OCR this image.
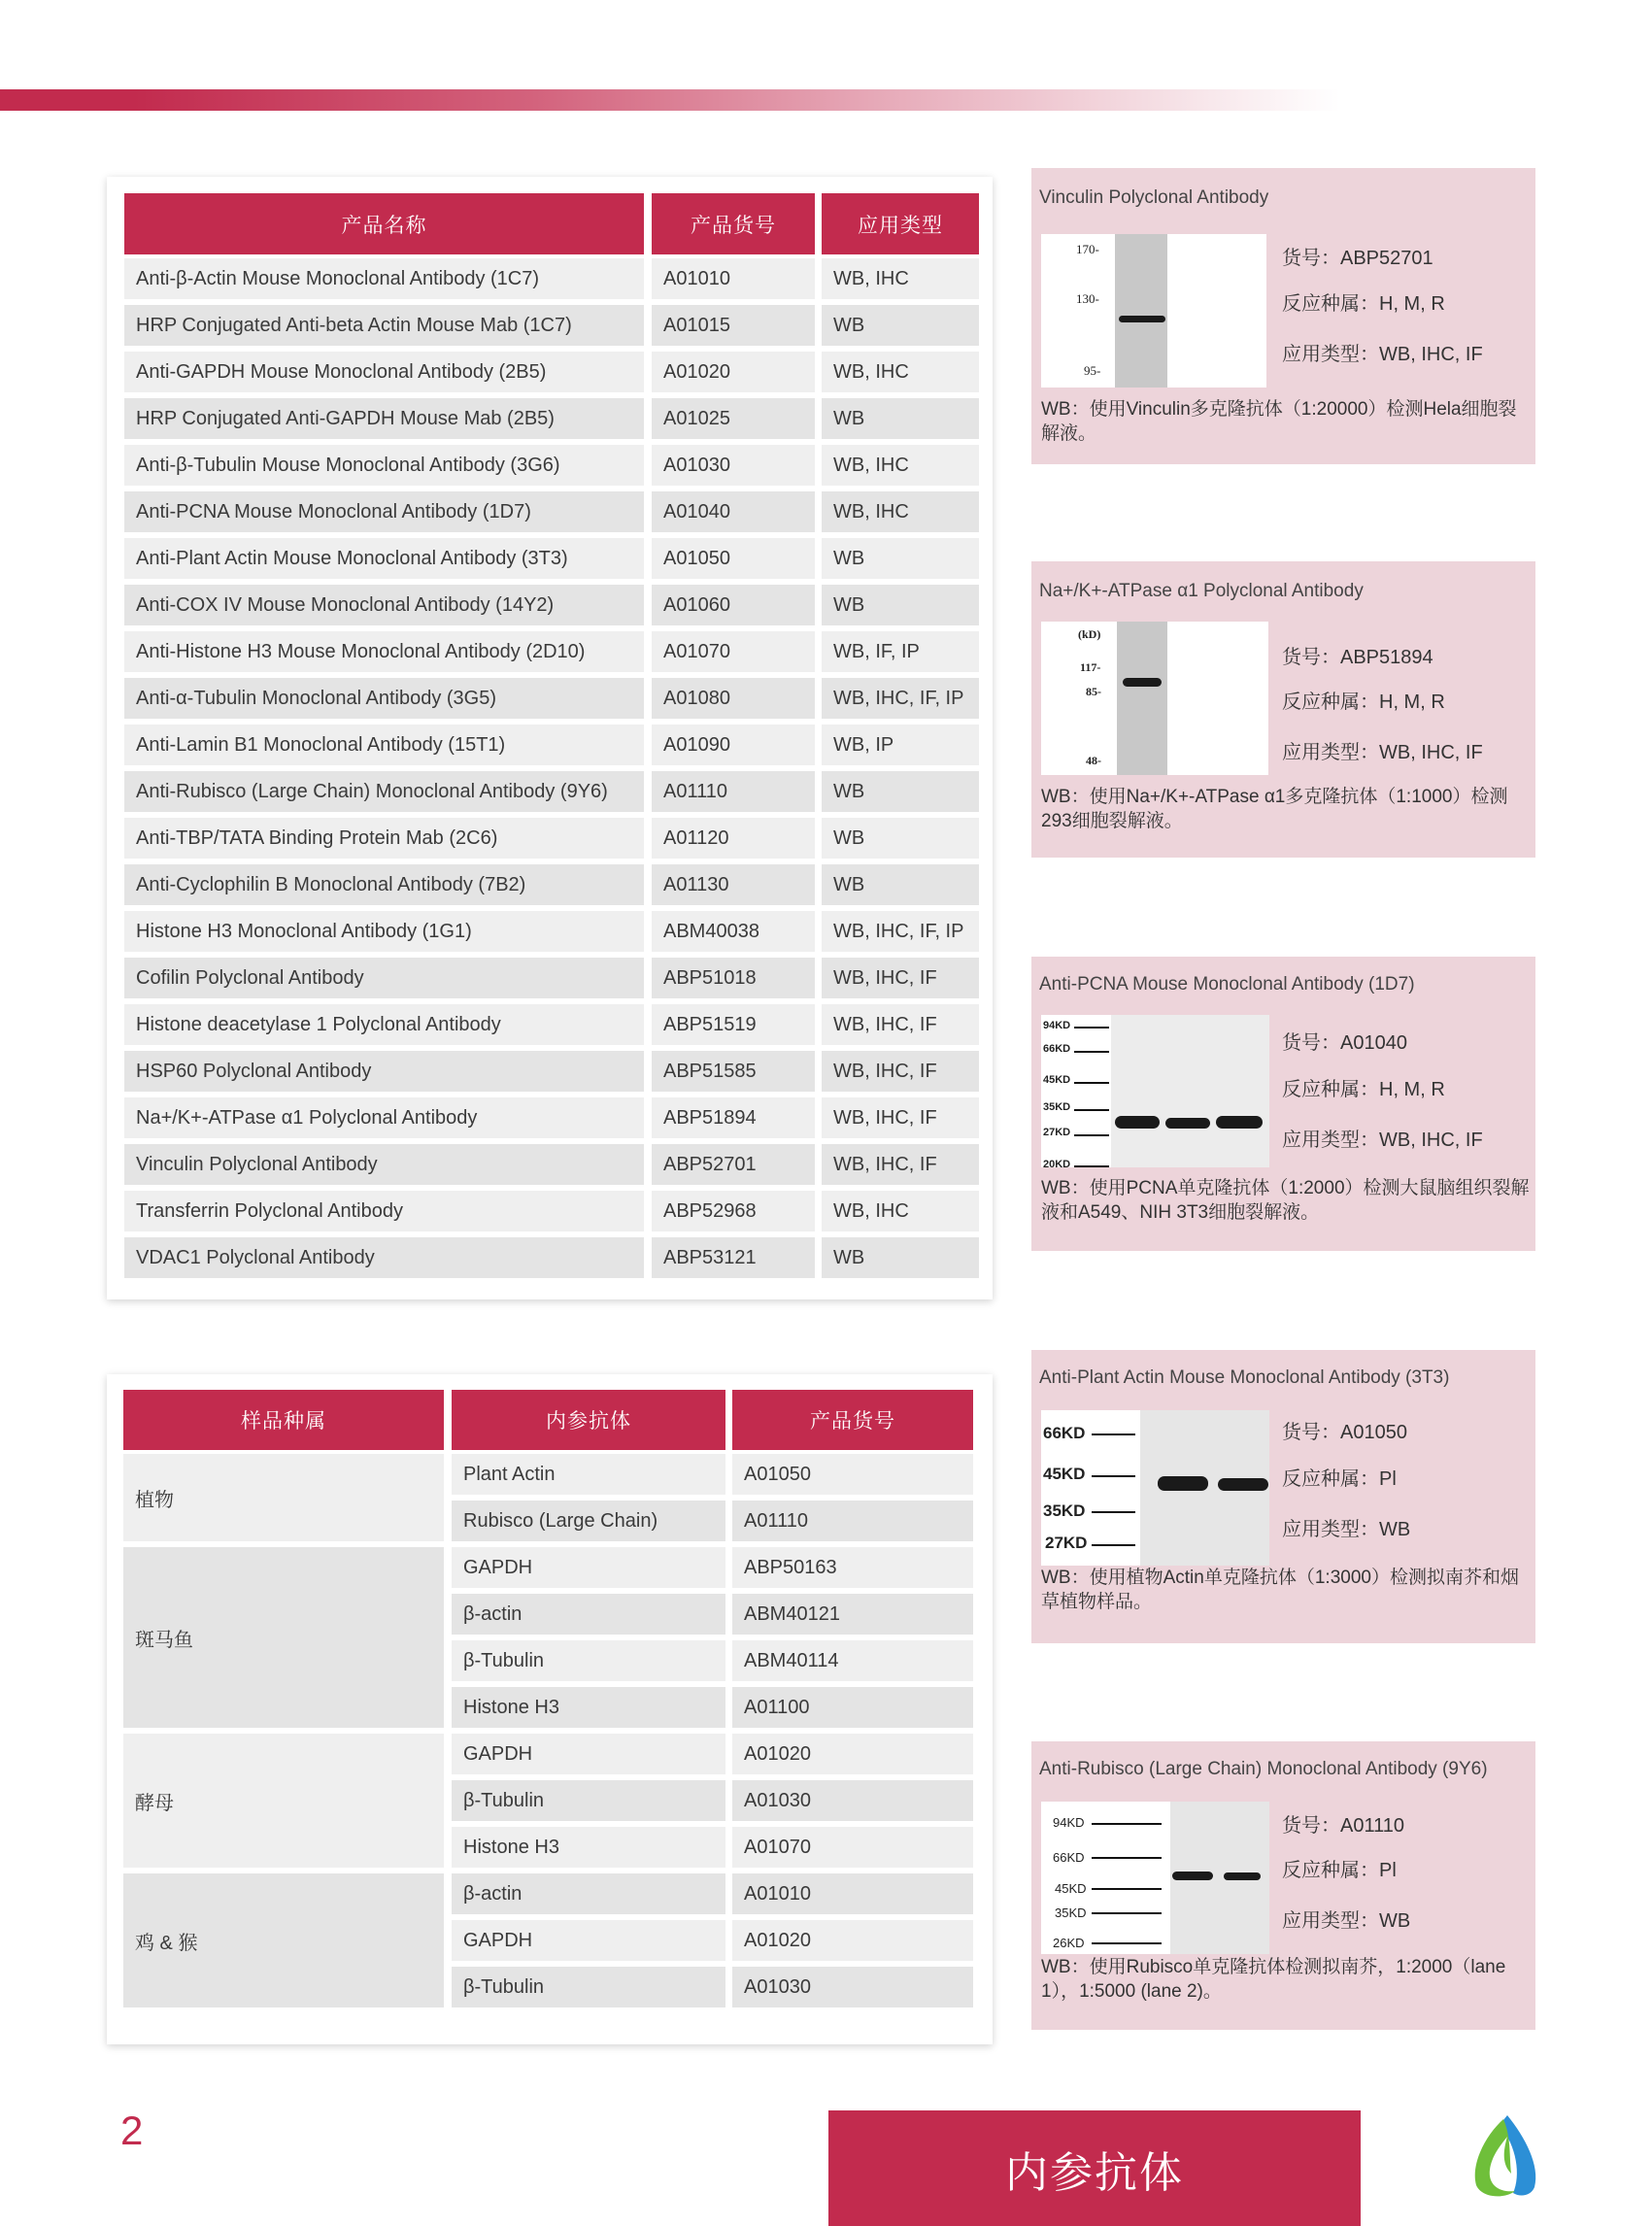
产品名称	产品货号	应用类型
Anti-β-Actin Mouse Monoclonal Antibody (1C7)	A01010	WB, IHC
HRP Conjugated Anti-beta Actin Mouse Mab (1C7)	A01015	WB
Anti-GAPDH Mouse Monoclonal Antibody (2B5)	A01020	WB, IHC
HRP Conjugated Anti-GAPDH Mouse Mab (2B5)	A01025	WB
Anti-β-Tubulin Mouse Monoclonal Antibody (3G6)	A01030	WB, IHC
Anti-PCNA Mouse Monoclonal Antibody (1D7)	A01040	WB, IHC
Anti-Plant Actin Mouse Monoclonal Antibody (3T3)	A01050	WB
Anti-COX IV Mouse Monoclonal Antibody (14Y2)	A01060	WB
Anti-Histone H3 Mouse Monoclonal Antibody (2D10)	A01070	WB, IF, IP
Anti-α-Tubulin Monoclonal Antibody (3G5)	A01080	WB, IHC, IF, IP
Anti-Lamin B1 Monoclonal Antibody (15T1)	A01090	WB, IP
Anti-Rubisco (Large Chain) Monoclonal Antibody (9Y6)	A01110	WB
Anti-TBP/TATA Binding Protein Mab (2C6)	A01120	WB
Anti-Cyclophilin B Monoclonal Antibody (7B2)	A01130	WB
Histone H3 Monoclonal Antibody (1G1)	ABM40038	WB, IHC, IF, IP
Cofilin Polyclonal Antibody	ABP51018	WB, IHC, IF
Histone deacetylase 1 Polyclonal Antibody	ABP51519	WB, IHC, IF
HSP60 Polyclonal Antibody	ABP51585	WB, IHC, IF
Na+/K+-ATPase α1 Polyclonal Antibody	ABP51894	WB, IHC, IF
Vinculin Polyclonal Antibody	ABP52701	WB, IHC, IF
Transferrin Polyclonal Antibody	ABP52968	WB, IHC
VDAC1 Polyclonal Antibody	ABP53121	WB
样品种属	内参抗体	产品货号
植物
Plant Actin	A01050
Rubisco (Large Chain)	A01110
斑马鱼
GAPDH	ABP50163
β-actin	ABM40121
β-Tubulin	ABM40114
Histone H3	A01100
酵母
GAPDH	A01020
β-Tubulin	A01030
Histone H3	A01070
鸡 & 猴
β-actin	A01010
GAPDH	A01020
β-Tubulin	A01030
Vinculin Polyclonal Antibody
170-
130-
95-
货号：ABP52701
反应种属：H, M, R
应用类型：WB, IHC, IF
WB：使用Vinculin多克隆抗体（1:20000）检测Hela细胞裂解液。
Na+/K+-ATPase α1 Polyclonal Antibody
(kD)
117-
85-
48-
货号：ABP51894
反应种属：H, M, R
应用类型：WB, IHC, IF
WB：使用Na+/K+-ATPase α1多克隆抗体（1:1000）检测293细胞裂解液。
Anti-PCNA Mouse Monoclonal Antibody (1D7)
94KD
66KD
45KD
35KD
27KD
20KD
货号：A01040
反应种属：H, M, R
应用类型：WB, IHC, IF
WB：使用PCNA单克隆抗体（1:2000）检测大鼠脑组织裂解液和A549、NIH 3T3细胞裂解液。
Anti-Plant Actin Mouse Monoclonal Antibody (3T3)
66KD
45KD
35KD
27KD
货号：A01050
反应种属：Pl
应用类型：WB
WB：使用植物Actin单克隆抗体（1:3000）检测拟南芥和烟草植物样品。
Anti-Rubisco (Large Chain) Monoclonal Antibody (9Y6)
94KD
66KD
45KD
35KD
26KD
货号：A01110
反应种属：Pl
应用类型：WB
WB：使用Rubisco单克隆抗体检测拟南芥，1:2000（lane 1），1:5000 (lane 2)。
2
内参抗体
